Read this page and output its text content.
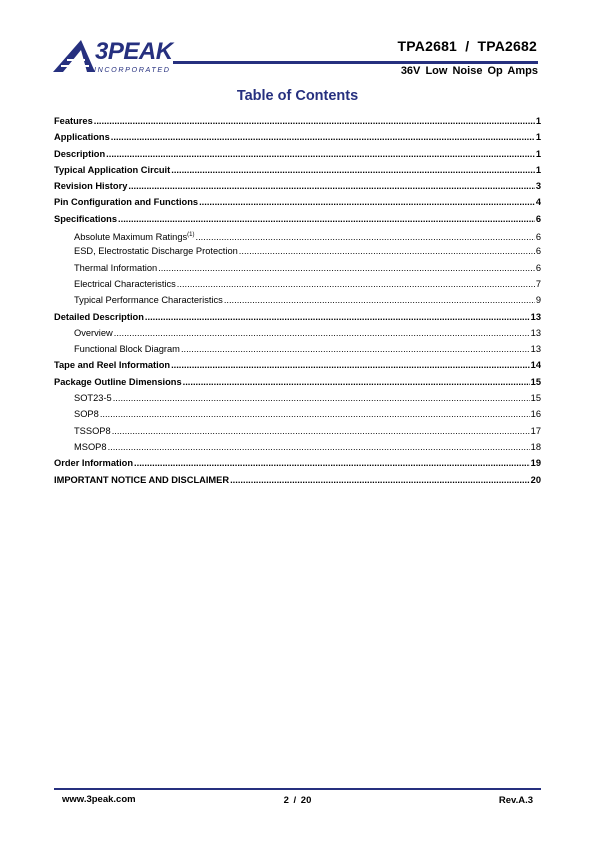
3PEAK
INCORPORATED
TPA2681  /  TPA2682
36V Low Noise Op Amps
Table of Contents
Features .....	1
Applications .....	1
Description .....	1
Typical Application Circuit .....	1
Revision History .....	3
Pin Configuration and Functions .....	4
Specifications .....	6
Absolute Maximum Ratings$^{(1)}$ .....	6
ESD, Electrostatic Discharge Protection .....	6
Thermal Information .....	6
Electrical Characteristics .....	7
Typical Performance Characteristics .....	9
Detailed Description .....	13
Overview .....	13
Functional Block Diagram .....	13
Tape and Reel Information .....	14
Package Outline Dimensions .....	15
SOT23-5 .....	15
SOP8 .....	16
TSSOP8 .....	17
MSOP8 .....	18
Order Information .....	19
IMPORTANT NOTICE AND DISCLAIMER .....	20
www.3peak.com	2 / 20	Rev.A.3
